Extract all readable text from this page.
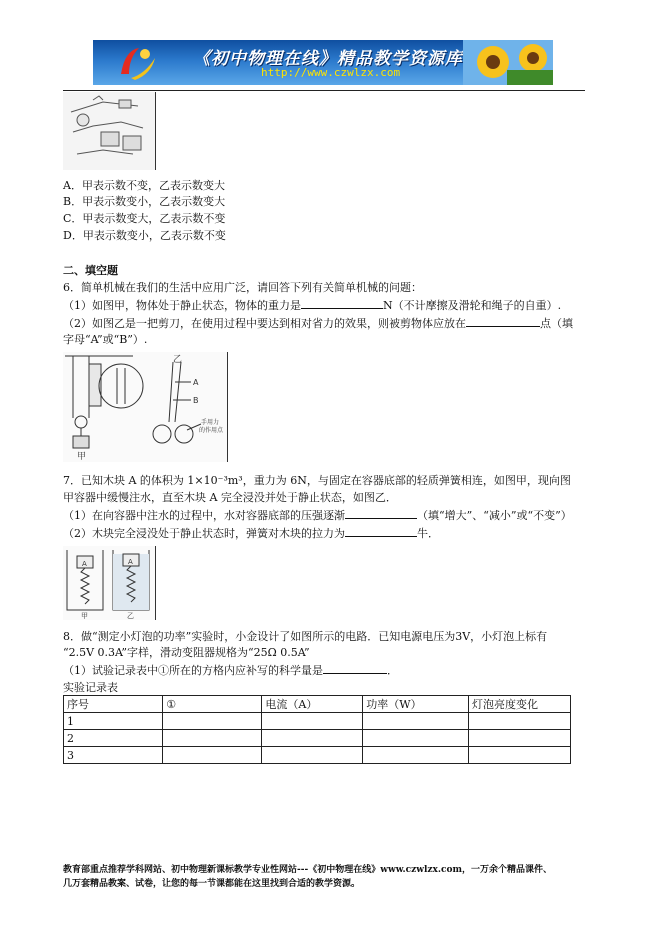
《初中物理在线》精品教学资源库
http://www.czwlzx.com
A．甲表示数不变，乙表示数变大
B．甲表示数变小，乙表示数变大
C．甲表示数变大，乙表示数不变
D．甲表示数变小，乙表示数不变
二、填空题
6．简单机械在我们的生活中应用广泛，请回答下列有关简单机械的问题：
（1）如图甲，物体处于静止状态，物体的重力是	N（不计摩擦及滑轮和绳子的自重）.
（2）如图乙是一把剪刀，在使用过程中要达到相对省力的效果，则被剪物体应放在	点（填
字母“A”或“B”）.
甲
乙
A
B
手用力
的作用点
7．已知木块 A 的体积为 1×10⁻³m³，重力为 6N，与固定在容器底部的轻质弹簧相连，如图甲，现向图
甲容器中缓慢注水，直至木块 A 完全浸没并处于静止状态，如图乙．
（1）在向容器中注水的过程中，水对容器底部的压强逐渐	（填“增大”、“减小”或“不变”）
（2）木块完全浸没处于静止状态时，弹簧对木块的拉力为	牛．
A	A
甲	乙
8．做“测定小灯泡的功率”实验时，小金设计了如图所示的电路．已知电源电压为3V，小灯泡上标有
“2.5V 0.3A”字样，滑动变阻器规格为“25Ω 0.5A”
（1）试验记录表中①所在的方格内应补写的科学量是	．
实验记录表
序号	①	电流（A）	功率（W）	灯泡亮度变化
1				
2				
3				
教育部重点推荐学科网站、初中物理新课标教学专业性网站---《初中物理在线》www.czwlzx.com，一万余个精品课件、
几万套精品教案、试卷，让您的每一节课都能在这里找到合适的教学资源。
